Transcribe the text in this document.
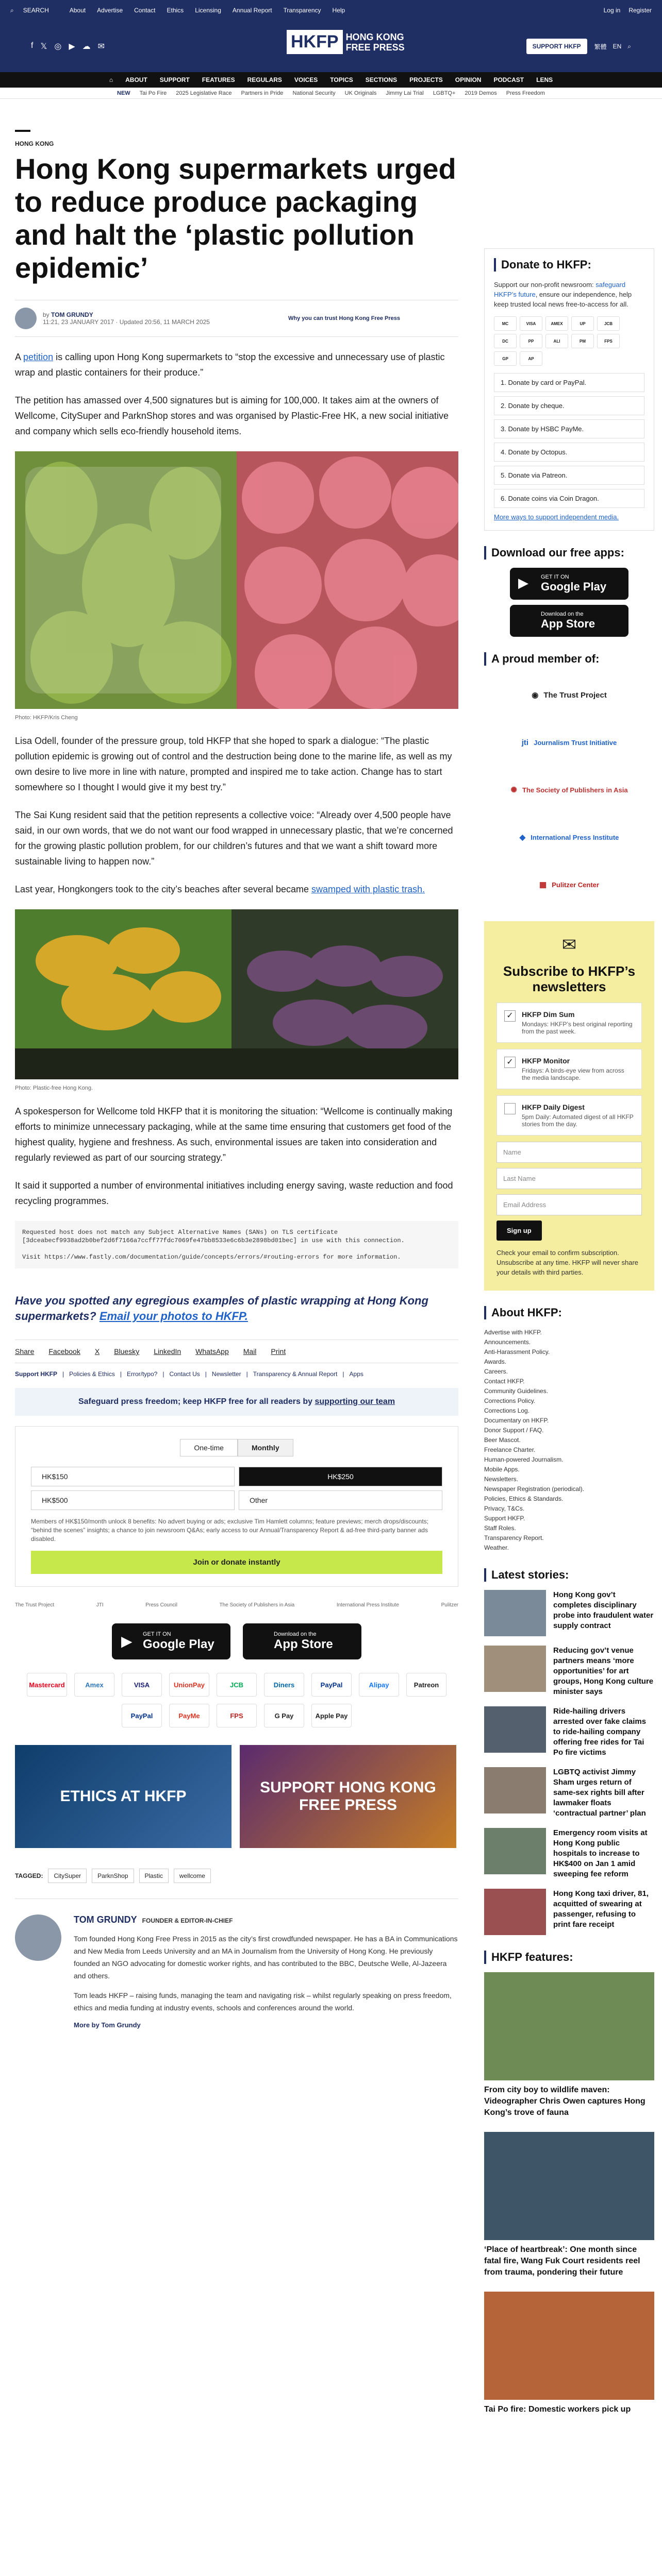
⌕ SEARCH	About Advertise Contact Ethics Licensing Annual Report Transparency Help	Log in Register
f 𝕏 ◎ ▶ ☁ ✉	HKFP HONG KONG
FREE PRESS	SUPPORT HKFP	繁體 EN ⌕
⌂ ABOUT SUPPORT FEATURES REGULARS VOICES TOPICS SECTIONS PROJECTS OPINION PODCAST LENS
NEW Tai Po Fire 2025 Legislative Race Partners in Pride National Security UK Originals Jimmy Lai Trial LGBTQ+ 2019 Demos Press Freedom
HONG KONG
Hong Kong supermarkets urged to reduce produce packaging and halt the ‘plastic pollution epidemic’
by TOM GRUNDY
11:21, 23 JANUARY 2017 · Updated 20:56, 11 MARCH 2025	Why you can trust Hong Kong Free Press

A petition is calling upon Hong Kong supermarkets to “stop the excessive and unnecessary use of plastic wrap and plastic containers for their produce.”

The petition has amassed over 4,500 signatures but is aiming for 100,000. It takes aim at the owners of Wellcome, CitySuper and ParknShop stores and was organised by Plastic-Free HK, a new social initiative and company which sells eco-friendly household items.

Photo: HKFP/Kris Cheng

Lisa Odell, founder of the pressure group, told HKFP that she hoped to spark a dialogue: “The plastic pollution epidemic is growing out of control and the destruction being done to the marine life, as well as my own desire to live more in line with nature, prompted and inspired me to take action. Change has to start somewhere so I thought I would give it my best try.”

The Sai Kung resident said that the petition represents a collective voice: “Already over 4,500 people have said, in our own words, that we do not want our food wrapped in unnecessary plastic, that we’re concerned for the growing plastic pollution problem, for our children’s futures and that we want a shift toward more sustainable living to happen now.”

Last year, Hongkongers took to the city’s beaches after several became swamped with plastic trash.

Photo: Plastic-free Hong Kong.

A spokesperson for Wellcome told HKFP that it is monitoring the situation: “Wellcome is continually making efforts to minimize unnecessary packaging, while at the same time ensuring that customers get food of the highest quality, hygiene and freshness. As such, environmental issues are taken into consideration and regularly reviewed as part of our sourcing strategy.”

It said it supported a number of environmental initiatives including energy saving, waste reduction and food recycling programmes.

Requested host does not match any Subject Alternative Names (SANs) on TLS certificate [3dceabecf9938ad2b0bef2d6f7166a7ccff77fdc7069fe47bb8533e6c6b3e2898bd01bec] in use with this connection.

Visit https://www.fastly.com/documentation/guide/concepts/errors/#routing-errors for more information.
Have you spotted any egregious examples of plastic wrapping at Hong Kong supermarkets? Email your photos to HKFP.
Share Facebook X Bluesky LinkedIn WhatsApp Mail Print
Support HKFP | Policies & Ethics | Error/typo? | Contact Us | Newsletter | Transparency & Annual Report | Apps
Safeguard press freedom; keep HKFP free for all readers by supporting our team
One-time	Monthly
HK$150	HK$250
HK$500	Other
Members of HK$150/month unlock 8 benefits: No advert buying or ads; exclusive Tim Hamlett columns; feature previews; merch drops/discounts; “behind the scenes” insights; a chance to join newsroom Q&As; early access to our Annual/Transparency Report & ad-free third-party banner ads disabled.
Join or donate instantly
The Trust Project	JTI	Press Council	The Society of Publishers in Asia	International Press Institute	Pulitzer
▶ GET IT ON
Google Play
Download on the
App Store
Mastercard	Amex	VISA	UnionPay	JCB	Diners	PayPal	Alipay	Patreon
PayPal	PayMe	FPS	G Pay	Apple Pay
ETHICS AT HKFP
SUPPORT HONG KONG FREE PRESS
TAGGED:	CitySuper	ParknShop	Plastic	wellcome
TOM GRUNDY FOUNDER & EDITOR-IN-CHIEF

Tom founded Hong Kong Free Press in 2015 as the city’s first crowdfunded newspaper. He has a BA in Communications and New Media from Leeds University and an MA in Journalism from the University of Hong Kong. He previously founded an NGO advocating for domestic worker rights, and has contributed to the BBC, Deutsche Welle, Al-Jazeera and others.

Tom leads HKFP – raising funds, managing the team and navigating risk – whilst regularly speaking on press freedom, ethics and media funding at industry events, schools and conferences around the world.

More by Tom Grundy
Donate to HKFP:
Support our non-profit newsroom: safeguard HKFP’s future, ensure our independence, help keep trusted local news free-to-access for all.
MC	VISA	AMEX	UP	JCB
DC	PP	ALI	PM	FPS
GP	AP
1. Donate by card or PayPal.
2. Donate by cheque.
3. Donate by HSBC PayMe.
4. Donate by Octopus.
5. Donate via Patreon.
6. Donate coins via Coin Dragon.
More ways to support independent media.
Download our free apps:
▶ GET IT ON
Google Play
Download on the
App Store
A proud member of:
◉ The Trust Project
jti Journalism Trust Initiative
✺ The Society of Publishers in Asia
◆ International Press Institute
▦ Pulitzer Center
✉
Subscribe to HKFP’s newsletters
✓	HKFP Dim Sum
Mondays: HKFP’s best original reporting from the past week.
✓	HKFP Monitor
Fridays: A birds-eye view from across the media landscape.
HKFP Daily Digest
5pm Daily: Automated digest of all HKFP stories from the day.
Name
Last Name
Email Address
Sign up
Check your email to confirm subscription. Unsubscribe at any time. HKFP will never share your details with third parties.
About HKFP:
Advertise with HKFP.
Announcements.
Anti-Harassment Policy.
Awards.
Careers.
Contact HKFP.
Community Guidelines.
Corrections Policy.
Corrections Log.
Documentary on HKFP.
Donor Support / FAQ.
Beer Mascot.
Freelance Charter.
Human-powered Journalism.
Mobile Apps.
Newsletters.
Newspaper Registration (periodical).
Policies, Ethics & Standards.
Privacy, T&Cs.
Support HKFP.
Staff Roles.
Transparency Report.
Weather.
Latest stories:
Hong Kong gov’t completes disciplinary probe into fraudulent water supply contract
Reducing gov’t venue partners means ‘more opportunities’ for art groups, Hong Kong culture minister says
Ride-hailing drivers arrested over fake claims to ride-hailing company offering free rides for Tai Po fire victims
LGBTQ activist Jimmy Sham urges return of same-sex rights bill after lawmaker floats ‘contractual partner’ plan
Emergency room visits at Hong Kong public hospitals to increase to HK$400 on Jan 1 amid sweeping fee reform
Hong Kong taxi driver, 81, acquitted of swearing at passenger, refusing to print fare receipt
HKFP features:
From city boy to wildlife maven: Videographer Chris Owen captures Hong Kong’s trove of fauna
‘Place of heartbreak’: One month since fatal fire, Wang Fuk Court residents reel from trauma, pondering their future
Tai Po fire: Domestic workers pick up
